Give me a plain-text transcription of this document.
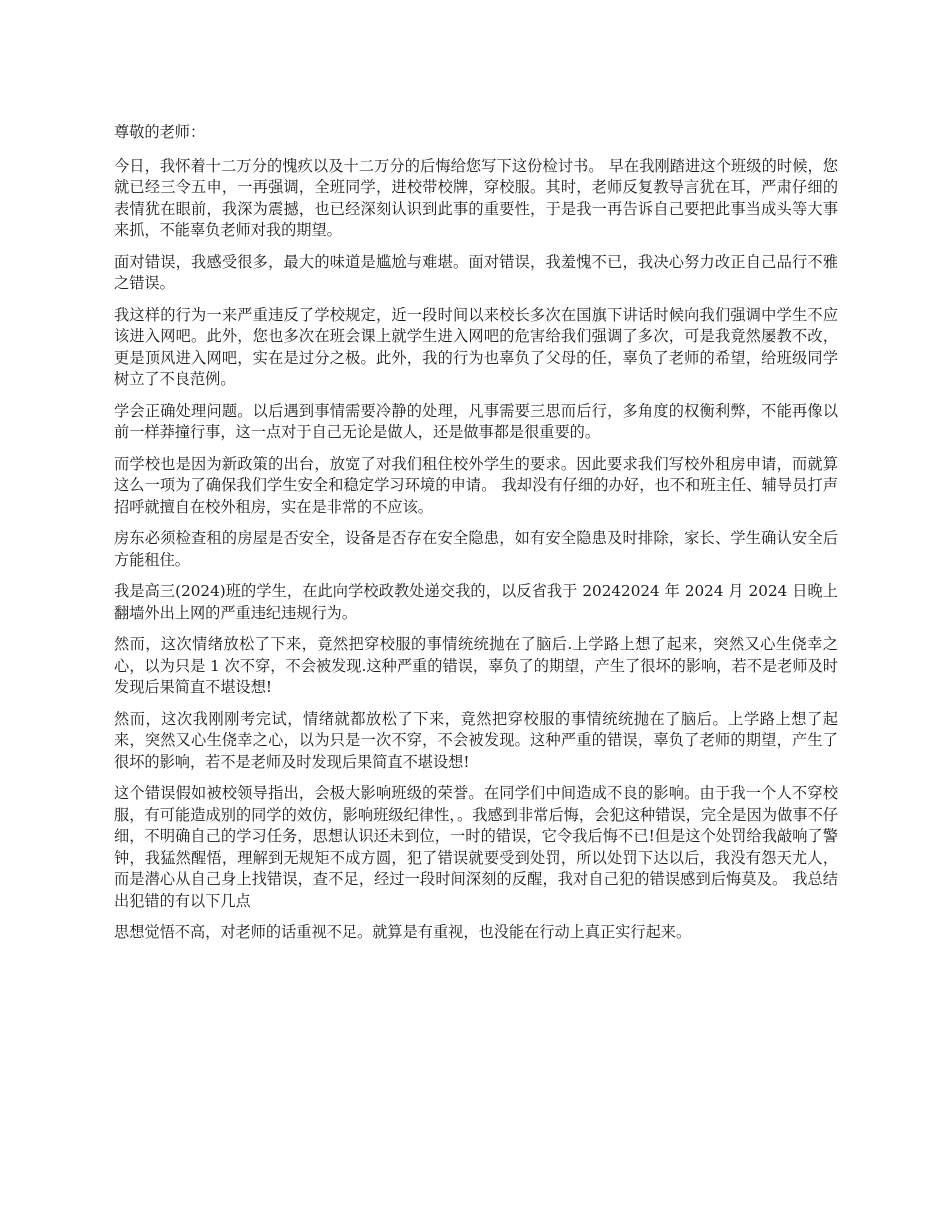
尊敬的老师：

今日，我怀着十二万分的愧疚以及十二万分的后悔给您写下这份检讨书。 早在我刚踏进这个班级的时候，您就已经三令五申，一再强调，全班同学，进校带校牌，穿校服。其时，老师反复教导言犹在耳，严肃仔细的表情犹在眼前，我深为震撼，也已经深刻认识到此事的重要性，于是我一再告诉自己要把此事当成头等大事来抓，不能辜负老师对我的期望。

面对错误，我感受很多，最大的味道是尴尬与难堪。面对错误，我羞愧不已，我决心努力改正自己品行不雅之错误。

我这样的行为一来严重违反了学校规定，近一段时间以来校长多次在国旗下讲话时候向我们强调中学生不应该进入网吧。此外，您也多次在班会课上就学生进入网吧的危害给我们强调了多次，可是我竟然屡教不改，更是顶风进入网吧，实在是过分之极。此外，我的行为也辜负了父母的任，辜负了老师的希望，给班级同学树立了不良范例。

学会正确处理问题。以后遇到事情需要冷静的处理，凡事需要三思而后行，多角度的权衡利弊，不能再像以前一样莽撞行事，这一点对于自己无论是做人，还是做事都是很重要的。

而学校也是因为新政策的出台，放宽了对我们租住校外学生的要求。因此要求我们写校外租房申请，而就算这么一项为了确保我们学生安全和稳定学习环境的申请。 我却没有仔细的办好，也不和班主任、辅导员打声招呼就擅自在校外租房，实在是非常的不应该。

房东必须检查租的房屋是否安全，设备是否存在安全隐患，如有安全隐患及时排除，家长、学生确认安全后方能租住。

我是高三(2024)班的学生，在此向学校政教处递交我的，以反省我于 20242024 年 2024 月 2024 日晚上翻墙外出上网的严重违纪违规行为。

然而，这次情绪放松了下来，竟然把穿校服的事情统统抛在了脑后.上学路上想了起来，突然又心生侥幸之心，以为只是 1 次不穿，不会被发现.这种严重的错误，辜负了的期望，产生了很坏的影响，若不是老师及时发现后果简直不堪设想!

然而，这次我刚刚考完试，情绪就都放松了下来，竟然把穿校服的事情统统抛在了脑后。上学路上想了起来，突然又心生侥幸之心，以为只是一次不穿，不会被发现。这种严重的错误，辜负了老师的期望，产生了很坏的影响，若不是老师及时发现后果简直不堪设想!

这个错误假如被校领导指出，会极大影响班级的荣誉。在同学们中间造成不良的影响。由于我一个人不穿校服，有可能造成别的同学的效仿，影响班级纪律性，。我感到非常后悔，会犯这种错误，完全是因为做事不仔细，不明确自己的学习任务，思想认识还未到位，一时的错误，它令我后悔不已!但是这个处罚给我敲响了警钟，我猛然醒悟，理解到无规矩不成方圆，犯了错误就要受到处罚，所以处罚下达以后，我没有怨天尤人，而是潜心从自己身上找错误，查不足，经过一段时间深刻的反醒，我对自己犯的错误感到后悔莫及。 我总结出犯错的有以下几点

思想觉悟不高，对老师的话重视不足。就算是有重视，也没能在行动上真正实行起来。
